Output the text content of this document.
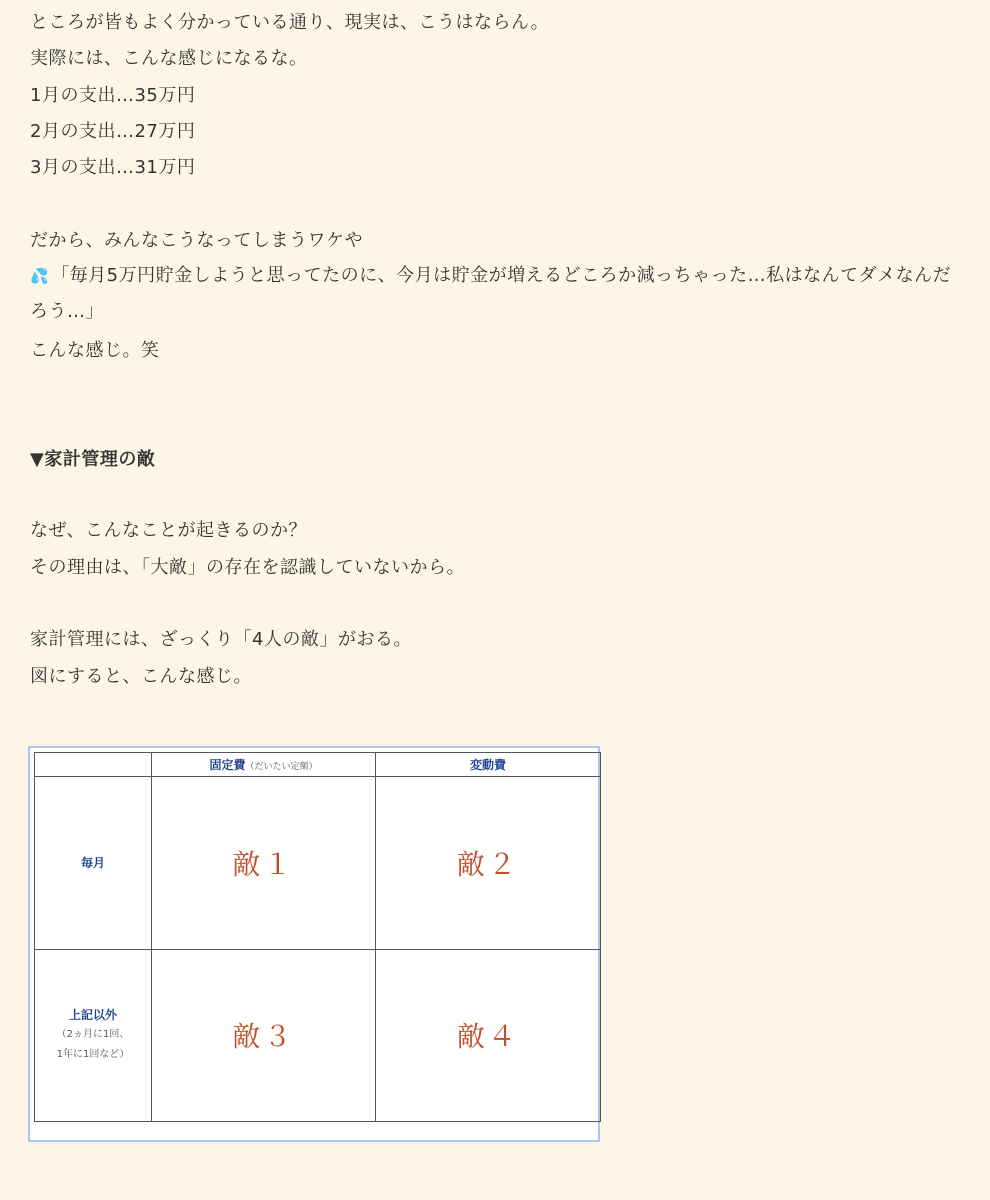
ところが皆もよく分かっている通り、現実は、こうはならん。
実際には、こんな感じになるな。
1月の支出…35万円
2月の支出…27万円
3月の支出…31万円
だから、みんなこうなってしまうワケや
💦 「毎月5万円貯金しようと思ってたのに、今月は貯金が増えるどころか減っちゃった…私はなんてダメなんだろう…」
こんな感じ。笑
▼家計管理の敵
なぜ、こんなことが起きるのか？
その理由は、「大敵」の存在を認識していないから。
家計管理には、ざっくり「4人の敵」がおる。
図にすると、こんな感じ。
	固定費（だいたい定額）	変動費
毎月	敵１	敵２

上記以外
（2ヵ月に1回、
1年に1回など）	敵３	敵４
